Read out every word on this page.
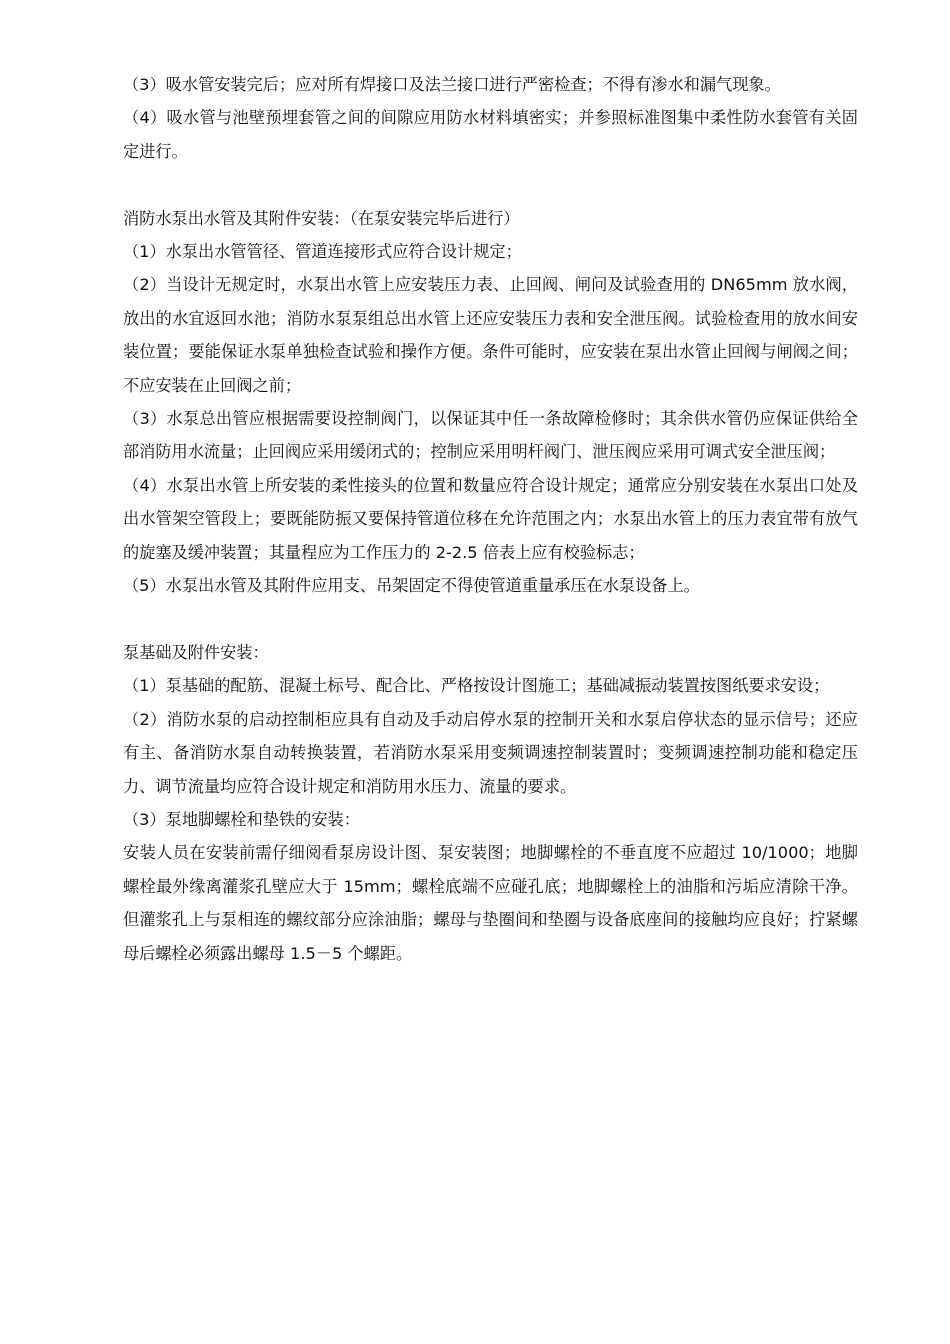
（3）吸水管安装完后；应对所有焊接口及法兰接口进行严密检查；不得有渗水和漏气现象。

（4）吸水管与池壁预埋套管之间的间隙应用防水材料填密实；并参照标准图集中柔性防水套管有关固定进行。

消防水泵出水管及其附件安装：（在泵安装完毕后进行）

（1）水泵出水管管径、管道连接形式应符合设计规定；

（2）当设计无规定时，水泵出水管上应安装压力表、止回阀、闸问及试验查用的 DN65mm 放水阀，放出的水宜返回水池；消防水泵泵组总出水管上还应安装压力表和安全泄压阀。试验检查用的放水间安装位置；要能保证水泵单独检查试验和操作方便。条件可能时，应安装在泵出水管止回阀与闸阀之间；不应安装在止回阀之前；

（3）水泵总出管应根据需要设控制阀门，以保证其中任一条故障检修时；其余供水管仍应保证供给全部消防用水流量；止回阀应采用缓闭式的；控制应采用明杆阀门、泄压阀应采用可调式安全泄压阀；

（4）水泵出水管上所安装的柔性接头的位置和数量应符合设计规定；通常应分别安装在水泵出口处及出水管架空管段上；要既能防振又要保持管道位移在允许范围之内；水泵出水管上的压力表宜带有放气的旋塞及缓冲装置；其量程应为工作压力的 2-2.5 倍表上应有校验标志；

（5）水泵出水管及其附件应用支、吊架固定不得使管道重量承压在水泵设备上。

泵基础及附件安装：

（1）泵基础的配筋、混凝土标号、配合比、严格按设计图施工；基础减振动装置按图纸要求安设；

（2）消防水泵的启动控制柜应具有自动及手动启停水泵的控制开关和水泵启停状态的显示信号；还应有主、备消防水泵自动转换装置，若消防水泵采用变频调速控制装置时；变频调速控制功能和稳定压力、调节流量均应符合设计规定和消防用水压力、流量的要求。

（3）泵地脚螺栓和垫铁的安装：

安装人员在安装前需仔细阅看泵房设计图、泵安装图；地脚螺栓的不垂直度不应超过 10/1000；地脚螺栓最外缘离灌浆孔壁应大于 15mm；螺栓底端不应碰孔底；地脚螺栓上的油脂和污垢应清除干净。但灌浆孔上与泵相连的螺纹部分应涂油脂；螺母与垫圈间和垫圈与设备底座间的接触均应良好；拧紧螺母后螺栓必须露出螺母 1.5－5 个螺距。
